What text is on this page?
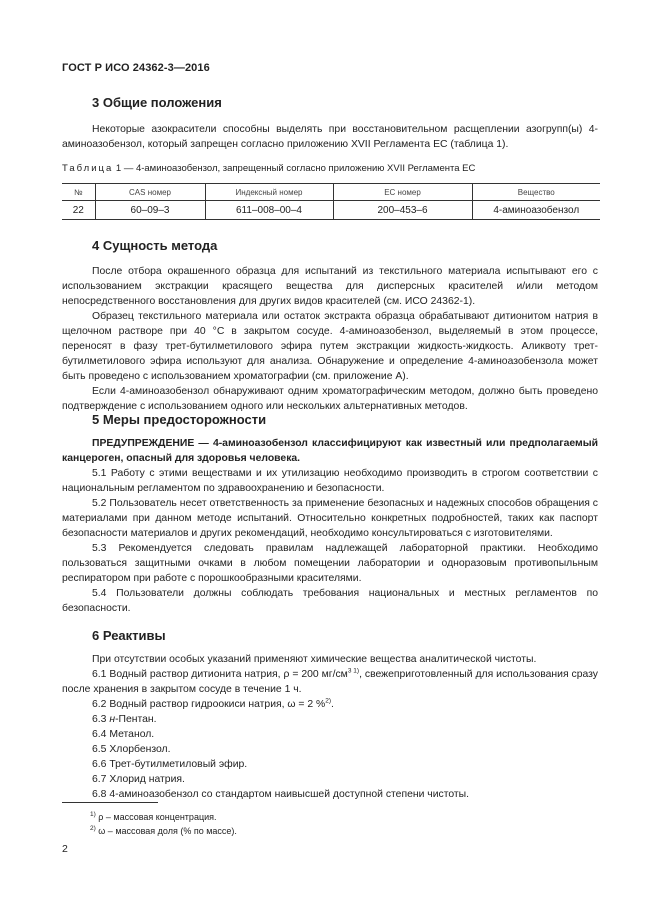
ГОСТ Р ИСО 24362-3—2016
3 Общие положения

Некоторые азокрасители способны выделять при восстановительном расщеплении азогрупп(ы) 4-аминоазобензол, который запрещен согласно приложению XVII Регламента ЕС (таблица 1).

Таблица 1 — 4-аминоазобензол, запрещенный согласно приложению XVII Регламента ЕС
№	CAS номер	Индексный номер	ЕС номер	Вещество
22	60–09–3	611–008–00–4	200–453–6	4-аминоазобензол
4 Сущность метода

После отбора окрашенного образца для испытаний из текстильного материала испытывают его с использованием экстракции красящего вещества для дисперсных красителей и/или методом непосредственного восстановления для других видов красителей (см. ИСО 24362-1).

Образец текстильного материала или остаток экстракта образца обрабатывают дитионитом натрия в щелочном растворе при 40 °С в закрытом сосуде. 4-аминоазобензол, выделяемый в этом процессе, переносят в фазу трет-бутилметилового эфира путем экстракции жидкость-жидкость. Аликвоту трет-бутилметилового эфира используют для анализа. Обнаружение и определение 4-аминоазобензола может быть проведено с использованием хроматографии (см. приложение А).

Если 4-аминоазобензол обнаруживают одним хроматографическим методом, должно быть проведено подтверждение с использованием одного или нескольких альтернативных методов.

5 Меры предосторожности

ПРЕДУПРЕЖДЕНИЕ — 4-аминоазобензол классифицируют как известный или предполагаемый канцероген, опасный для здоровья человека.

5.1 Работу с этими веществами и их утилизацию необходимо производить в строгом соответствии с национальным регламентом по здравоохранению и безопасности.

5.2 Пользователь несет ответственность за применение безопасных и надежных способов обращения с материалами при данном методе испытаний. Относительно конкретных подробностей, таких как паспорт безопасности материалов и других рекомендаций, необходимо консультироваться с изготовителями.

5.3 Рекомендуется следовать правилам надлежащей лабораторной практики. Необходимо пользоваться защитными очками в любом помещении лаборатории и одноразовым противопыльным респиратором при работе с порошкообразными красителями.

5.4 Пользователи должны соблюдать требования национальных и местных регламентов по безопасности.

6 Реактивы

При отсутствии особых указаний применяют химические вещества аналитической чистоты.

6.1 Водный раствор дитионита натрия, ρ = 200 $мг/см^{3 1)}$, свежеприготовленный для использования сразу после хранения в закрытом сосуде в течение 1 ч.

6.2 Водный раствор гидроокиси натрия, ω = 2 %$^{2)}$.

6.3 н-Пентан.

6.4 Метанол.

6.5 Хлорбензол.

6.6 Трет-бутилметиловый эфир.

6.7 Хлорид натрия.

6.8 4-аминоазобензол со стандартом наивысшей доступной степени чистоты.

$^{1)}$ ρ – массовая концентрация.
$^{2)}$ ω – массовая доля (% по массе).
2
